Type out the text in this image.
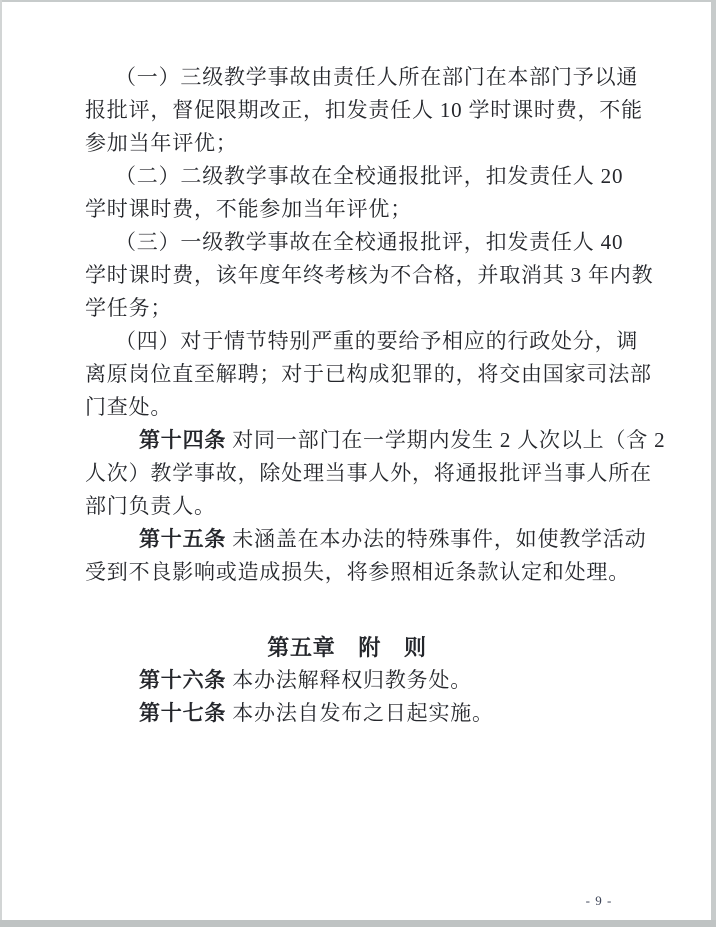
（一）三级教学事故由责任人所在部门在本部门予以通
报批评，督促限期改正，扣发责任人 10 学时课时费，不能
参加当年评优；
（二）二级教学事故在全校通报批评，扣发责任人 20
学时课时费，不能参加当年评优；
（三）一级教学事故在全校通报批评，扣发责任人 40
学时课时费，该年度年终考核为不合格，并取消其 3 年内教
学任务；
（四）对于情节特别严重的要给予相应的行政处分，调
离原岗位直至解聘；对于已构成犯罪的，将交由国家司法部
门查处。
第十四条 对同一部门在一学期内发生 2 人次以上（含 2
人次）教学事故，除处理当事人外，将通报批评当事人所在
部门负责人。
第十五条 未涵盖在本办法的特殊事件，如使教学活动
受到不良影响或造成损失，将参照相近条款认定和处理。
第五章　附　则
第十六条 本办法解释权归教务处。
第十七条 本办法自发布之日起实施。
- 9 -
